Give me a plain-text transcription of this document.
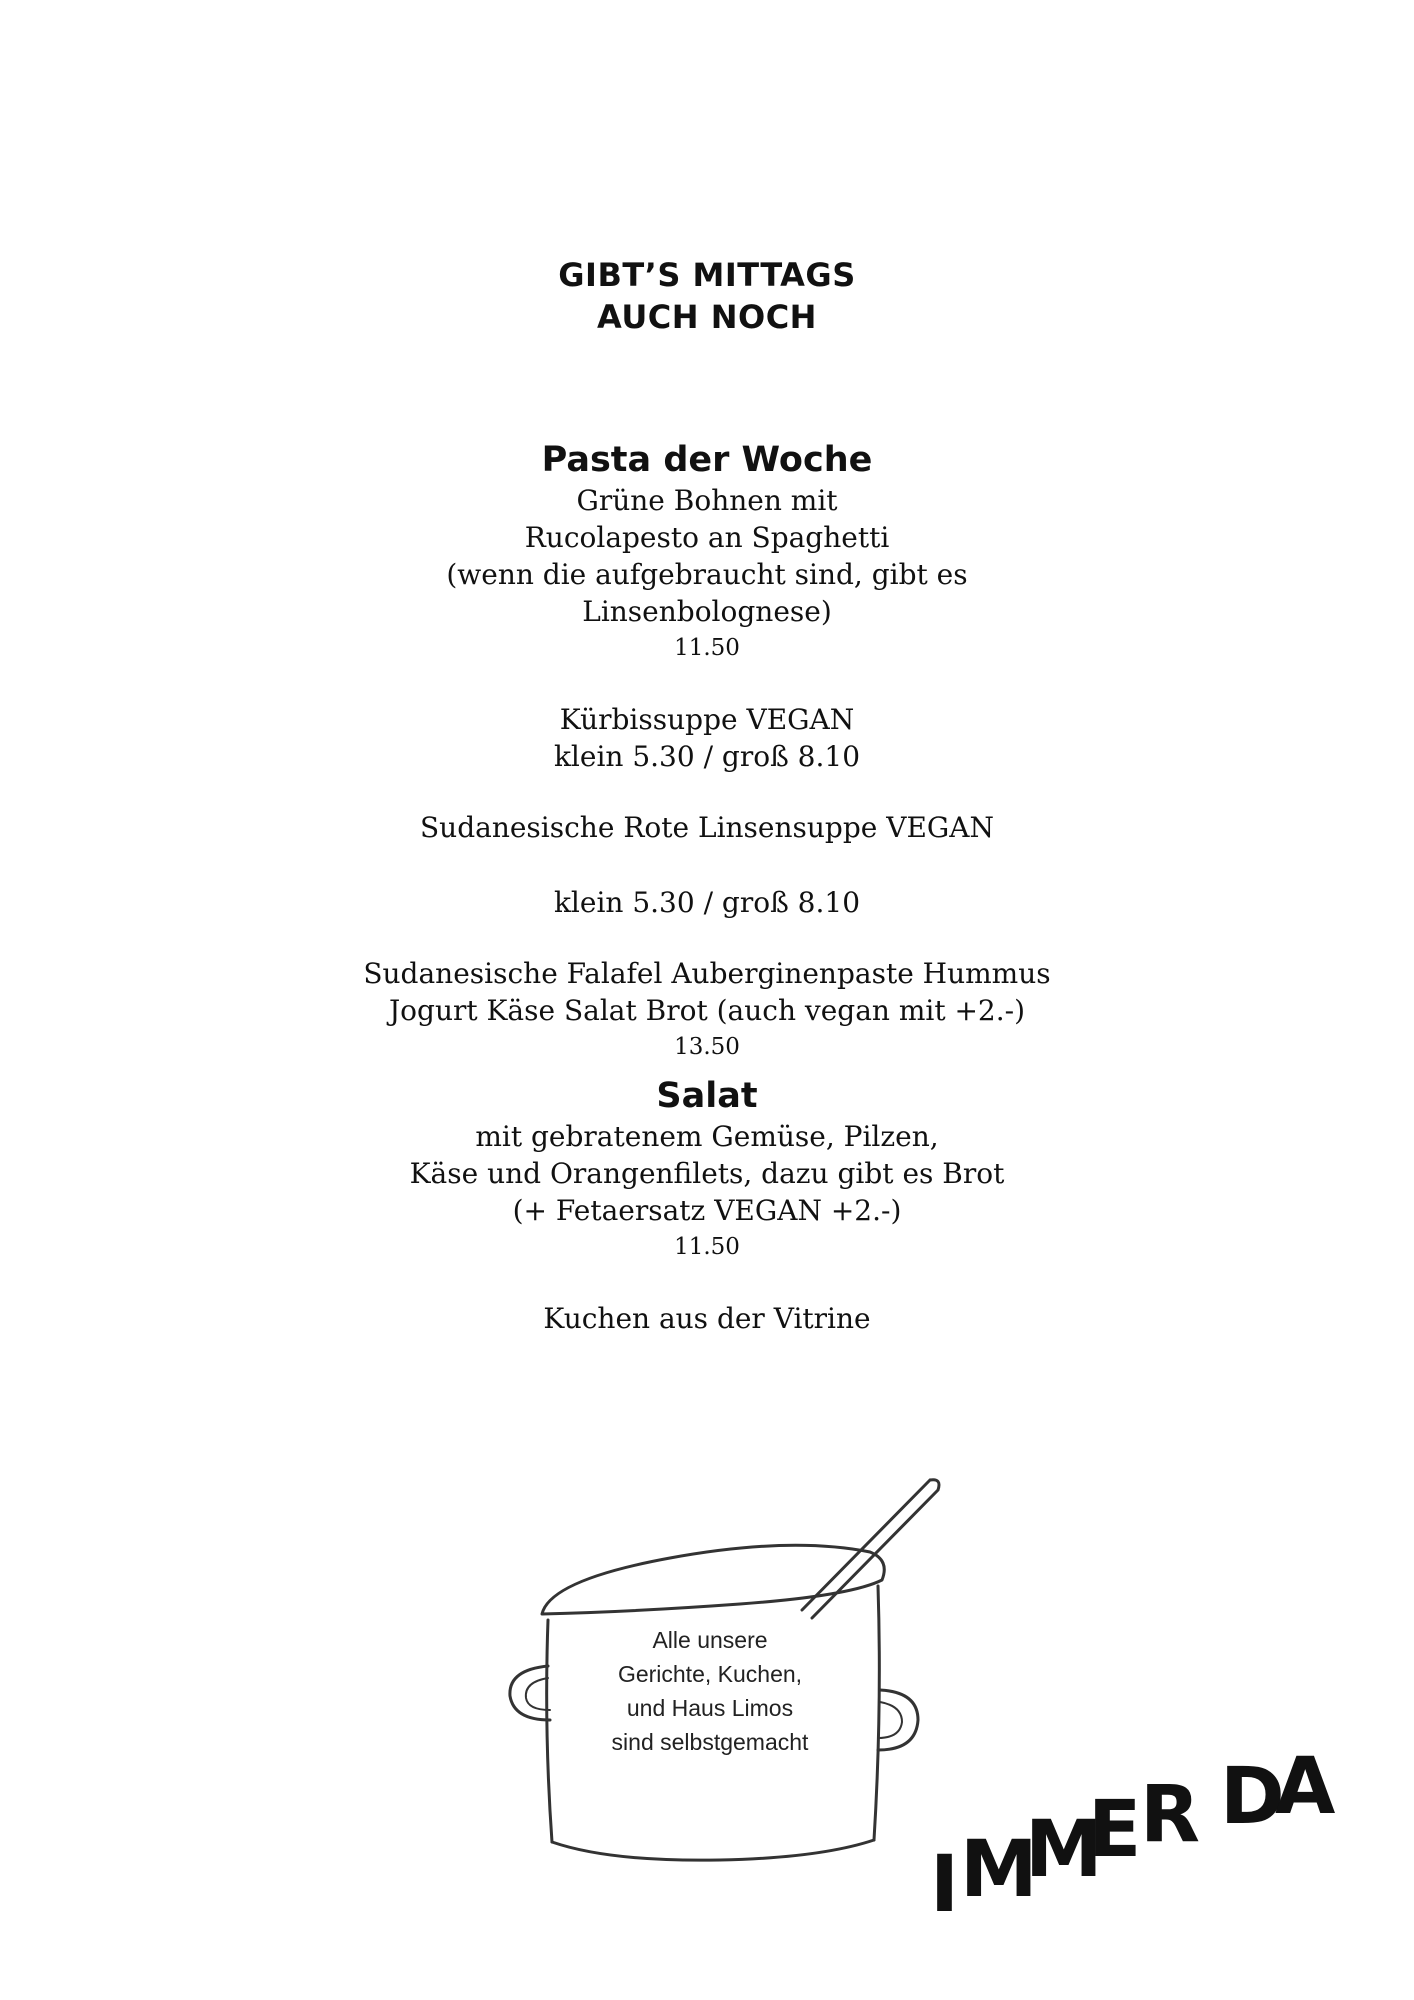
GIBT’S MITTAGS
AUCH NOCH

Pasta der Woche

Grüne Bohnen mit

Rucolapesto an Spaghetti

(wenn die aufgebraucht sind, gibt es

Linsenbolognese)

11.50

Kürbissuppe VEGAN

klein 5.30 / groß 8.10

Sudanesische Rote Linsensuppe VEGAN

klein 5.30 / groß 8.10

Sudanesische Falafel Auberginenpaste Hummus

Jogurt Käse Salat Brot (auch vegan mit +2.-)

13.50

Salat

mit gebratenem Gemüse, Pilzen,

Käse und Orangenfilets, dazu gibt es Brot

(+ Fetaersatz VEGAN +2.-)

11.50

Kuchen aus der Vitrine

Alle unsere
Gerichte, Kuchen,
und Haus Limos
sind selbstgemacht
I M
M
E
R D
A
